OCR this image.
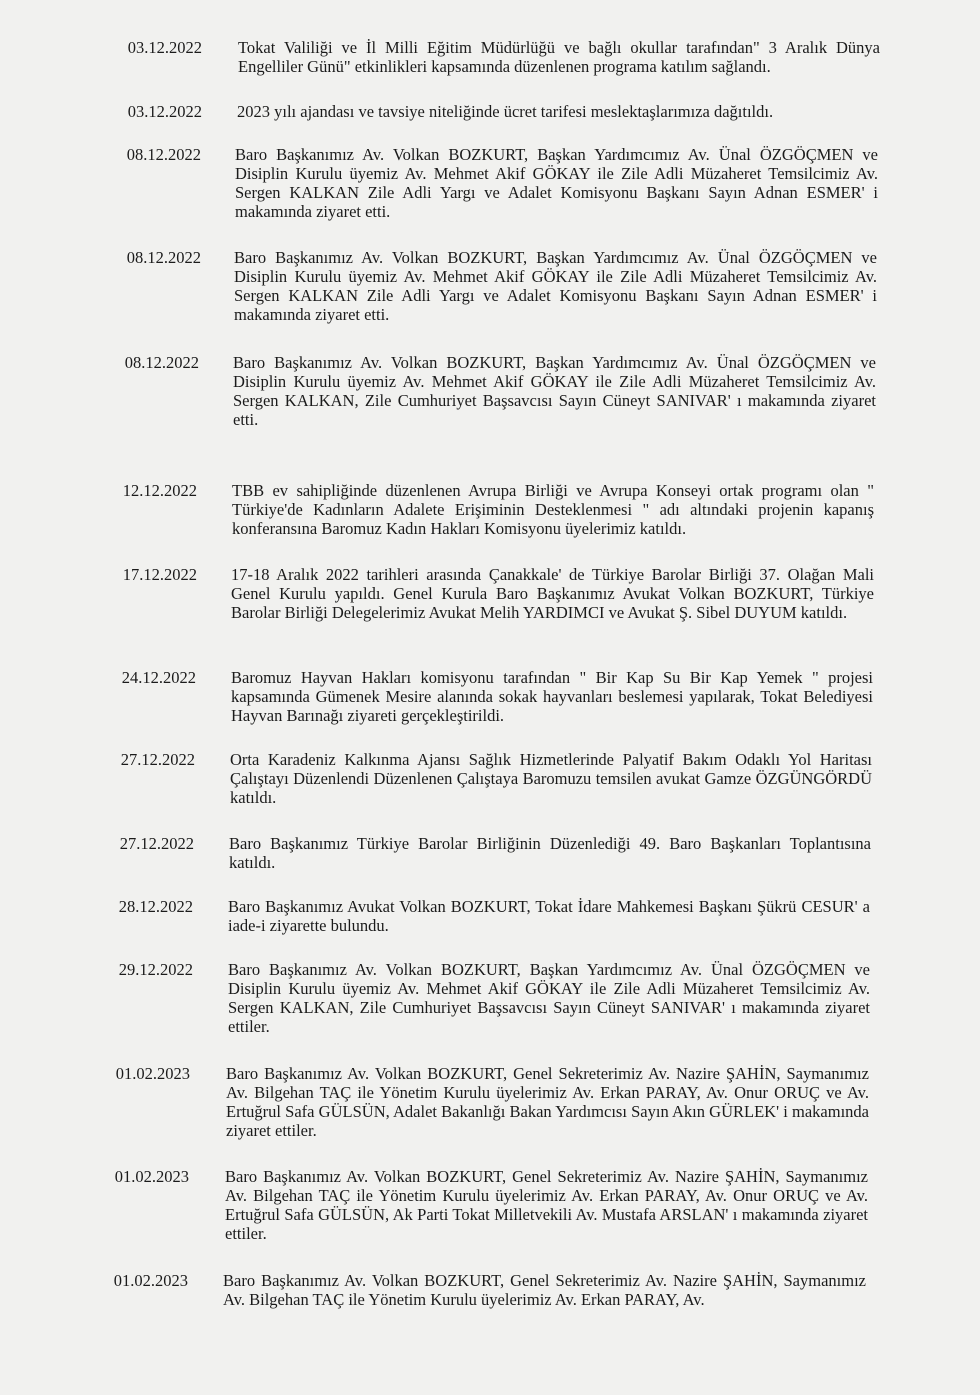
03.12.2022 Tokat Valiliği ve İl Milli Eğitim Müdürlüğü ve bağlı okullar tarafından" 3 Aralık Dünya Engelliler Günü" etkinlikleri kapsamında düzenlenen programa katılım sağlandı.
03.12.2022 2023 yılı ajandası ve tavsiye niteliğinde ücret tarifesi meslektaşlarımıza dağıtıldı.
08.12.2022 Baro Başkanımız Av. Volkan BOZKURT, Başkan Yardımcımız Av. Ünal ÖZGÖÇMEN ve Disiplin Kurulu üyemiz Av. Mehmet Akif GÖKAY ile Zile Adli Müzaheret Temsilcimiz Av. Sergen KALKAN Zile Adli Yargı ve Adalet Komisyonu Başkanı Sayın Adnan ESMER' i makamında ziyaret etti.
08.12.2022 Baro Başkanımız Av. Volkan BOZKURT, Başkan Yardımcımız Av. Ünal ÖZGÖÇMEN ve Disiplin Kurulu üyemiz Av. Mehmet Akif GÖKAY ile Zile Adli Müzaheret Temsilcimiz Av. Sergen KALKAN Zile Adli Yargı ve Adalet Komisyonu Başkanı Sayın Adnan ESMER' i makamında ziyaret etti.
08.12.2022 Baro Başkanımız Av. Volkan BOZKURT, Başkan Yardımcımız Av. Ünal ÖZGÖÇMEN ve Disiplin Kurulu üyemiz Av. Mehmet Akif GÖKAY ile Zile Adli Müzaheret Temsilcimiz Av. Sergen KALKAN, Zile Cumhuriyet Başsavcısı Sayın Cüneyt SANIVAR' ı makamında ziyaret etti.
12.12.2022 TBB ev sahipliğinde düzenlenen Avrupa Birliği ve Avrupa Konseyi ortak programı olan " Türkiye'de Kadınların Adalete Erişiminin Desteklenmesi " adı altındaki projenin kapanış konferansına Baromuz Kadın Hakları Komisyonu üyelerimiz katıldı.
17.12.2022 17-18 Aralık 2022 tarihleri arasında Çanakkale' de Türkiye Barolar Birliği 37. Olağan Mali Genel Kurulu yapıldı. Genel Kurula Baro Başkanımız Avukat Volkan BOZKURT, Türkiye Barolar Birliği Delegelerimiz Avukat Melih YARDIMCI ve Avukat Ş. Sibel DUYUM katıldı.
24.12.2022 Baromuz Hayvan Hakları komisyonu tarafından " Bir Kap Su Bir Kap Yemek " projesi kapsamında Gümenek Mesire alanında sokak hayvanları beslemesi yapılarak, Tokat Belediyesi Hayvan Barınağı ziyareti gerçekleştirildi.
27.12.2022 Orta Karadeniz Kalkınma Ajansı Sağlık Hizmetlerinde Palyatif Bakım Odaklı Yol Haritası Çalıştayı Düzenlendi Düzenlenen Çalıştaya Baromuzu temsilen avukat Gamze ÖZGÜNGÖRDÜ katıldı.
27.12.2022 Baro Başkanımız Türkiye Barolar Birliğinin Düzenlediği 49. Baro Başkanları Toplantısına katıldı.
28.12.2022 Baro Başkanımız Avukat Volkan BOZKURT, Tokat İdare Mahkemesi Başkanı Şükrü CESUR' a iade-i ziyarette bulundu.
29.12.2022 Baro Başkanımız Av. Volkan BOZKURT, Başkan Yardımcımız Av. Ünal ÖZGÖÇMEN ve Disiplin Kurulu üyemiz Av. Mehmet Akif GÖKAY ile Zile Adli Müzaheret Temsilcimiz Av. Sergen KALKAN, Zile Cumhuriyet Başsavcısı Sayın Cüneyt SANIVAR' ı makamında ziyaret ettiler.
01.02.2023 Baro Başkanımız Av. Volkan BOZKURT, Genel Sekreterimiz Av. Nazire ŞAHİN, Saymanımız Av. Bilgehan TAÇ ile Yönetim Kurulu üyelerimiz Av. Erkan PARAY, Av. Onur ORUÇ ve Av. Ertuğrul Safa GÜLSÜN, Adalet Bakanlığı Bakan Yardımcısı Sayın Akın GÜRLEK' i makamında ziyaret ettiler.
01.02.2023 Baro Başkanımız Av. Volkan BOZKURT, Genel Sekreterimiz Av. Nazire ŞAHİN, Saymanımız Av. Bilgehan TAÇ ile Yönetim Kurulu üyelerimiz Av. Erkan PARAY, Av. Onur ORUÇ ve Av. Ertuğrul Safa GÜLSÜN, Ak Parti Tokat Milletvekili Av. Mustafa ARSLAN' ı makamında ziyaret ettiler.
01.02.2023 Baro Başkanımız Av. Volkan BOZKURT, Genel Sekreterimiz Av. Nazire ŞAHİN, Saymanımız Av. Bilgehan TAÇ ile Yönetim Kurulu üyelerimiz Av. Erkan PARAY, Av.
